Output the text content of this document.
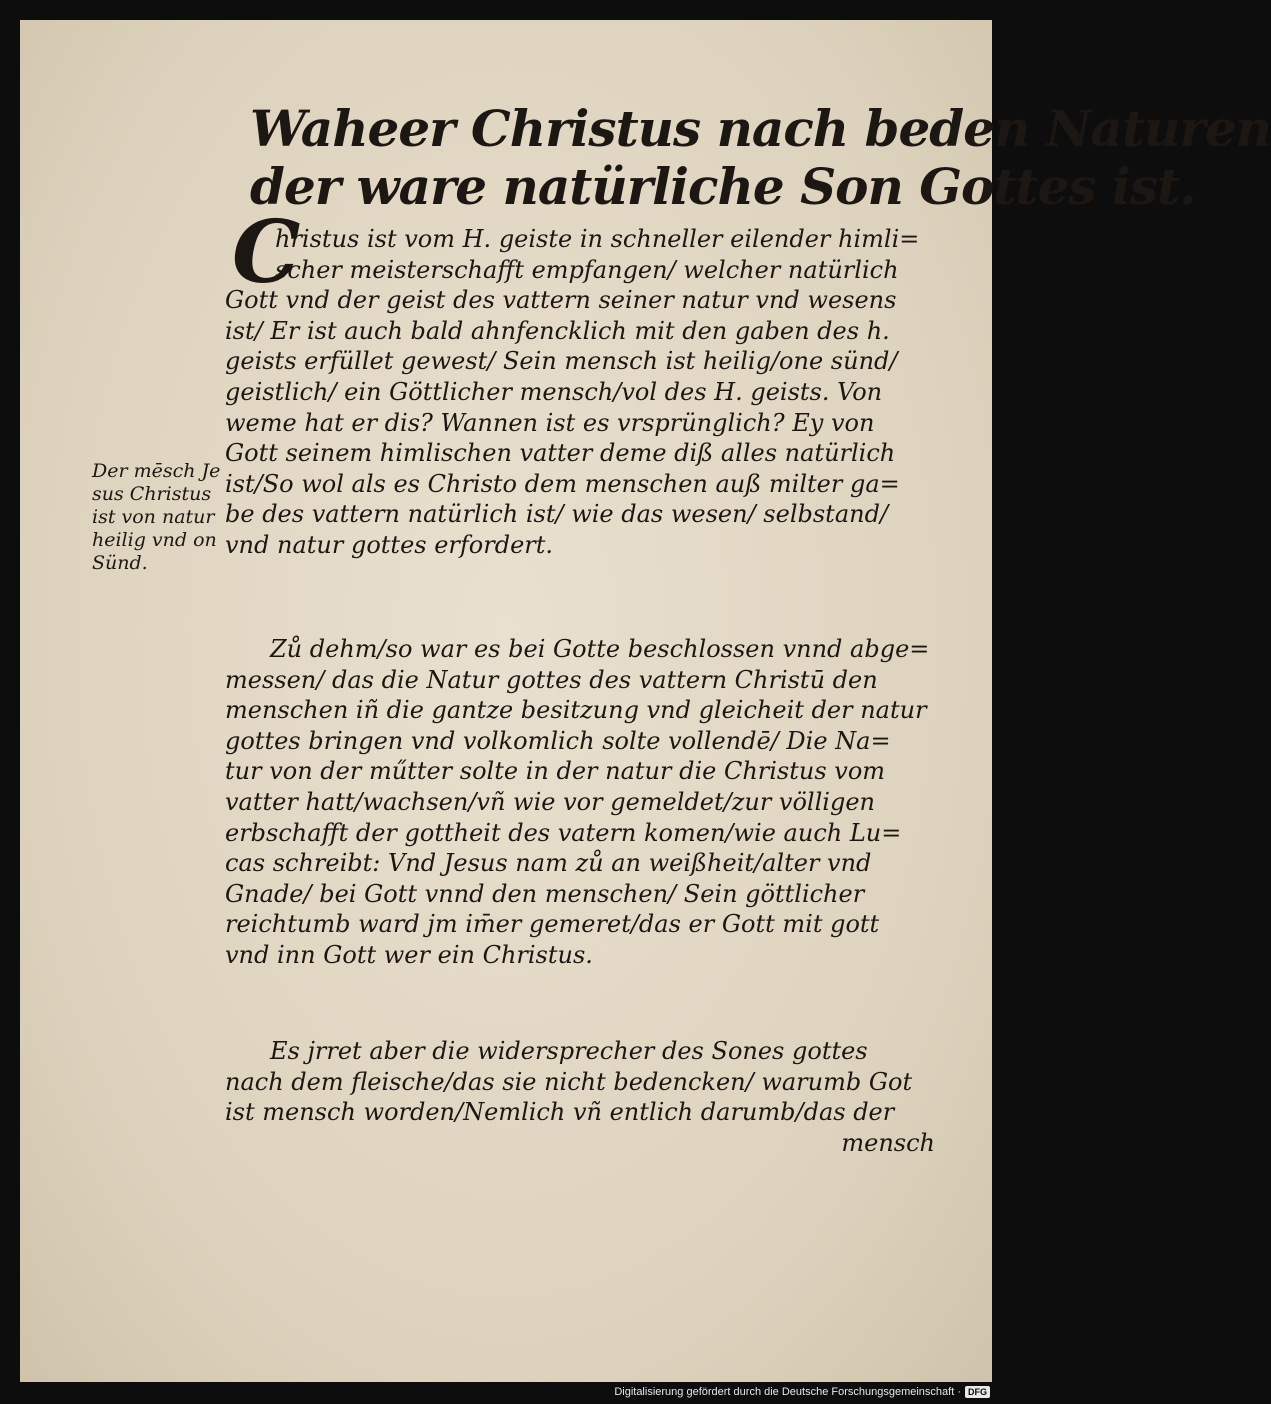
Waheer Christus nach beden Naturen
der ware natürliche Son Gottes ist.
C
hristus ist vom H. geiste in schneller eilender himli=
scher meisterschafft empfangen/ welcher natürlich
Gott vnd der geist des vattern seiner natur vnd wesens
ist/ Er ist auch bald ahnfencklich mit den gaben des h.
geists erfüllet gewest/ Sein mensch ist heilig/one sünd/
geistlich/ ein Göttlicher mensch/vol des H. geists. Von
weme hat er dis? Wannen ist es vrsprünglich? Ey von
Gott seinem himlischen vatter deme diß alles natürlich
ist/So wol als es Christo dem menschen auß milter ga=
be des vattern natürlich ist/ wie das wesen/ selbstand/
vnd natur gottes erfordert.
Der mēsch Je
sus Christus
ist von natur
heilig vnd on
Sünd.
Zů dehm/so war es bei Gotte beschlossen vnnd abge=
messen/ das die Natur gottes des vattern Christū den
menschen iñ die gantze besitzung vnd gleicheit der natur
gottes bringen vnd volkomlich solte vollendē/ Die Na=
tur von der műtter solte in der natur die Christus vom
vatter hatt/wachsen/vñ wie vor gemeldet/zur völligen
erbschafft der gottheit des vatern komen/wie auch Lu=
cas schreibt: Vnd Jesus nam zů an weißheit/alter vnd
Gnade/ bei Gott vnnd den menschen/ Sein göttlicher
reichtumb ward jm im̄er gemeret/das er Gott mit gott
vnd inn Gott wer ein Christus.
Es jrret aber die widersprecher des Sones gottes
nach dem fleische/das sie nicht bedencken/ warumb Got
ist mensch worden/Nemlich vñ entlich darumb/das der
mensch
Digitalisierung gefördert durch die Deutsche Forschungsgemeinschaft · DFG
